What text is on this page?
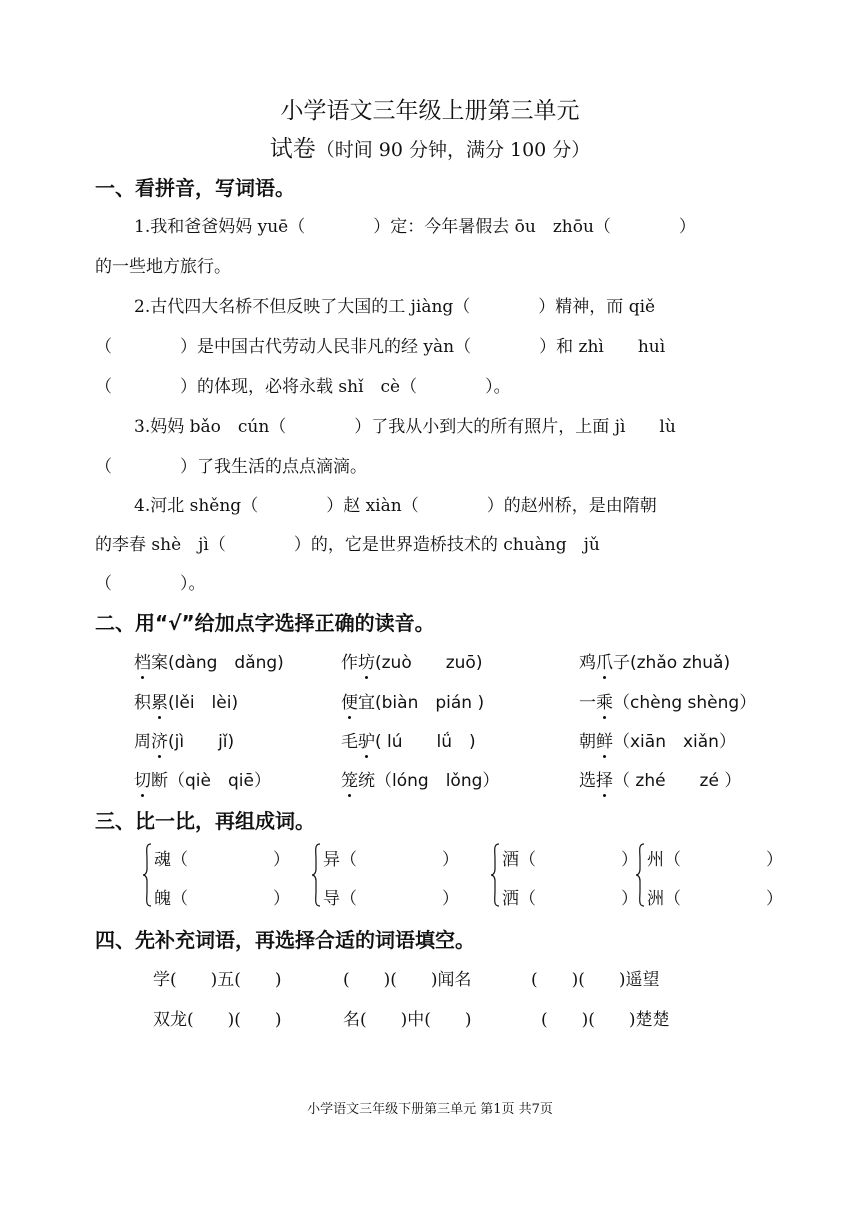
小学语文三年级上册第三单元
试卷（时间 90 分钟，满分 100 分）
一、看拼音，写词语。
1.我和爸爸妈妈 yuē（　　　　）定：今年暑假去 ōu　zhōu（　　　　）
的一些地方旅行。
2.古代四大名桥不但反映了大国的工 jiàng（　　　　）精神，而 qiě
（　　　　）是中国古代劳动人民非凡的经 yàn（　　　　）和 zhì　　huì
（　　　　）的体现，必将永载 shǐ　cè（　　　　）。
3.妈妈 bǎo　cún（　　　　）了我从小到大的所有照片，上面 jì　　lù
（　　　　）了我生活的点点滴滴。
4.河北 shěng（　　　　）赵 xiàn（　　　　）的赵州桥，是由隋朝
的李春 shè　jì（　　　　）的，它是世界造桥技术的 chuàng　jǔ
（　　　　）。
二、用“√”给加点字选择正确的读音。
档案(dàng　dǎng)	作坊(zuò　　zuō)	鸡爪子(zhǎo zhuǎ)
积累(lěi　lèi)	便宜(biàn　pián )	一乘（chèng shèng）
周济(jì　　jǐ)	毛驴( lú　　lǘ　)	朝鲜（xiān　xiǎn）
切断（qiè　qiē）	笼统（lóng　lǒng）	选择（ zhé　　zé ）
三、比一比，再组成词。
魂（　　　　　）
魄（　　　　　）
异（　　　　　）
导（　　　　　）
酒（　　　　　）
洒（　　　　　）
州（　　　　　）
洲（　　　　　）
四、先补充词语，再选择合适的词语填空。
学(　　)五(　　)	(　　)(　　)闻名	(　　)(　　)遥望
双龙(　　)(　　)	名(　　)中(　　)	(　　)(　　)楚楚
小学语文三年级下册第三单元 第1页 共7页
